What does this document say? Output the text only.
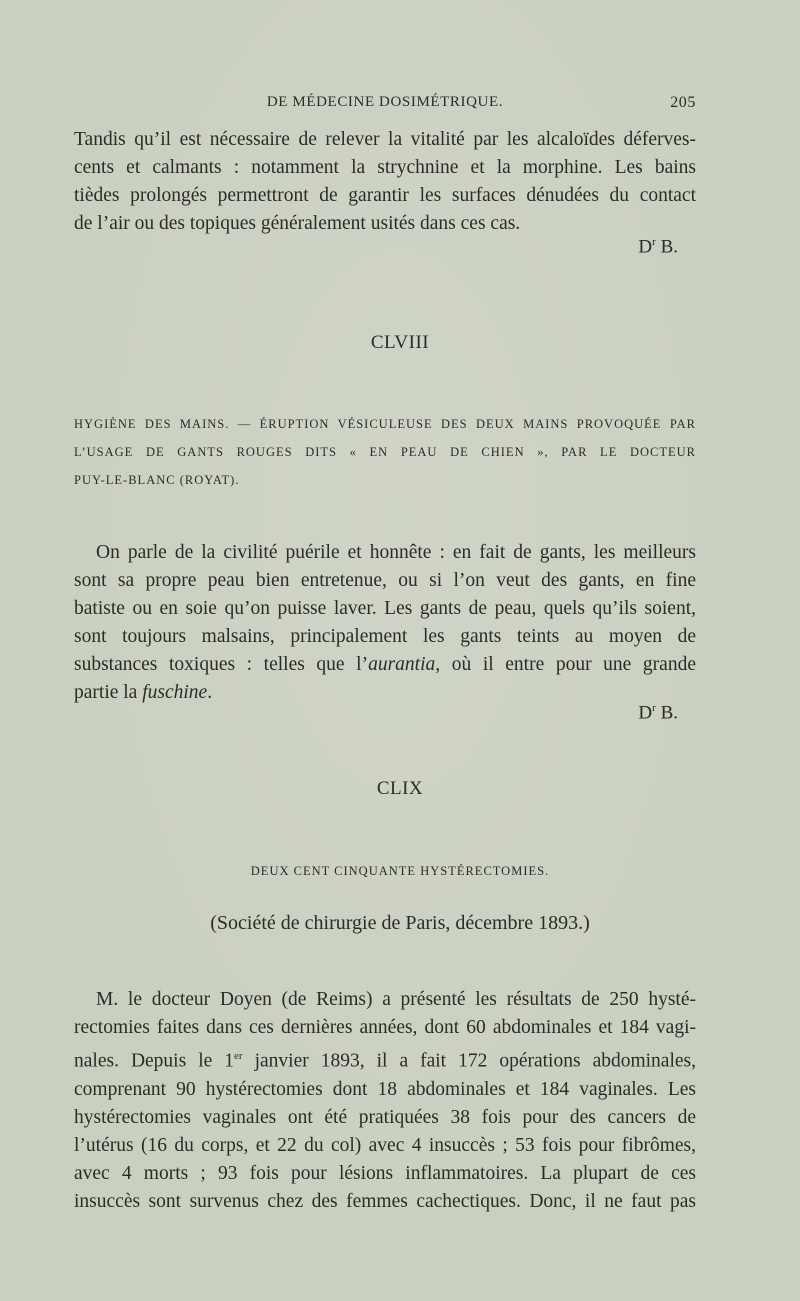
DE MÉDECINE DOSIMÉTRIQUE.	205
Tandis qu’il est nécessaire de relever la vitalité par les alcaloïdes déferves-
cents et calmants : notamment la strychnine et la morphine. Les bains
tièdes prolongés permettront de garantir les surfaces dénudées du contact
de l’air ou des topiques généralement usités dans ces cas.
$D^r$ B.
CLVIII
HYGIÈNE DES MAINS. — ÉRUPTION VÉSICULEUSE DES DEUX MAINS PROVOQUÉE PAR
L’USAGE DE GANTS ROUGES DITS « EN PEAU DE CHIEN », PAR LE DOCTEUR
PUY-LE-BLANC (ROYAT).
On parle de la civilité puérile et honnête : en fait de gants, les meilleurs
sont sa propre peau bien entretenue, ou si l’on veut des gants, en fine
batiste ou en soie qu’on puisse laver. Les gants de peau, quels qu’ils soient,
sont toujours malsains, principalement les gants teints au moyen de
substances toxiques : telles que l’aurantia, où il entre pour une grande
partie la fuschine.
$D^r$ B.
CLIX
DEUX CENT CINQUANTE HYSTÉRECTOMIES.
(Société de chirurgie de Paris, décembre 1893.)
M. le docteur Doyen (de Reims) a présenté les résultats de 250 hysté-
rectomies faites dans ces dernières années, dont 60 abdominales et 184 vagi-
nales. Depuis le 1er janvier 1893, il a fait 172 opérations abdominales,
comprenant 90 hystérectomies dont 18 abdominales et 184 vaginales. Les
hystérectomies vaginales ont été pratiquées 38 fois pour des cancers de
l’utérus (16 du corps, et 22 du col) avec 4 insuccès ; 53 fois pour fibrômes,
avec 4 morts ; 93 fois pour lésions inflammatoires. La plupart de ces
insuccès sont survenus chez des femmes cachectiques. Donc, il ne faut pas
